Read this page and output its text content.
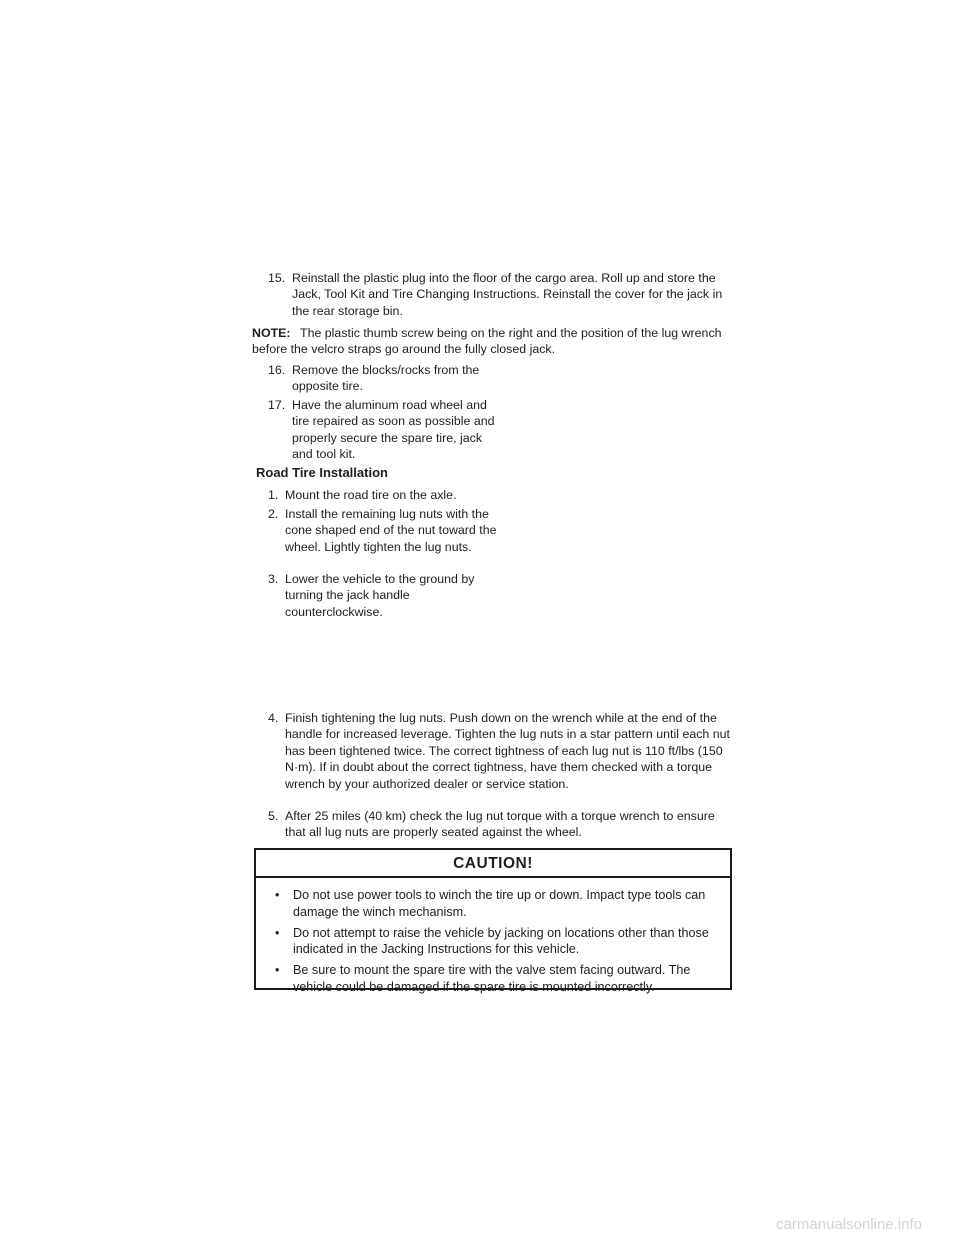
15. Reinstall the plastic plug into the floor of the cargo area. Roll up and store the Jack, Tool Kit and Tire Changing Instructions. Reinstall the cover for the jack in the rear storage bin.
NOTE: The plastic thumb screw being on the right and the position of the lug wrench before the velcro straps go around the fully closed jack.
16. Remove the blocks/rocks from the opposite tire.
17. Have the aluminum road wheel and tire repaired as soon as possible and properly secure the spare tire, jack and tool kit.
Road Tire Installation
1. Mount the road tire on the axle.
2. Install the remaining lug nuts with the cone shaped end of the nut toward the wheel. Lightly tighten the lug nuts.
3. Lower the vehicle to the ground by turning the jack handle counterclockwise.
4. Finish tightening the lug nuts. Push down on the wrench while at the end of the handle for increased leverage. Tighten the lug nuts in a star pattern until each nut has been tightened twice. The correct tightness of each lug nut is 110 ft/lbs (150 N·m). If in doubt about the correct tightness, have them checked with a torque wrench by your authorized dealer or service station.
5. After 25 miles (40 km) check the lug nut torque with a torque wrench to ensure that all lug nuts are properly seated against the wheel.
CAUTION!
• Do not use power tools to winch the tire up or down. Impact type tools can damage the winch mechanism.
• Do not attempt to raise the vehicle by jacking on locations other than those indicated in the Jacking Instructions for this vehicle.
• Be sure to mount the spare tire with the valve stem facing outward. The vehicle could be damaged if the spare tire is mounted incorrectly.
carmanualsonline.info
